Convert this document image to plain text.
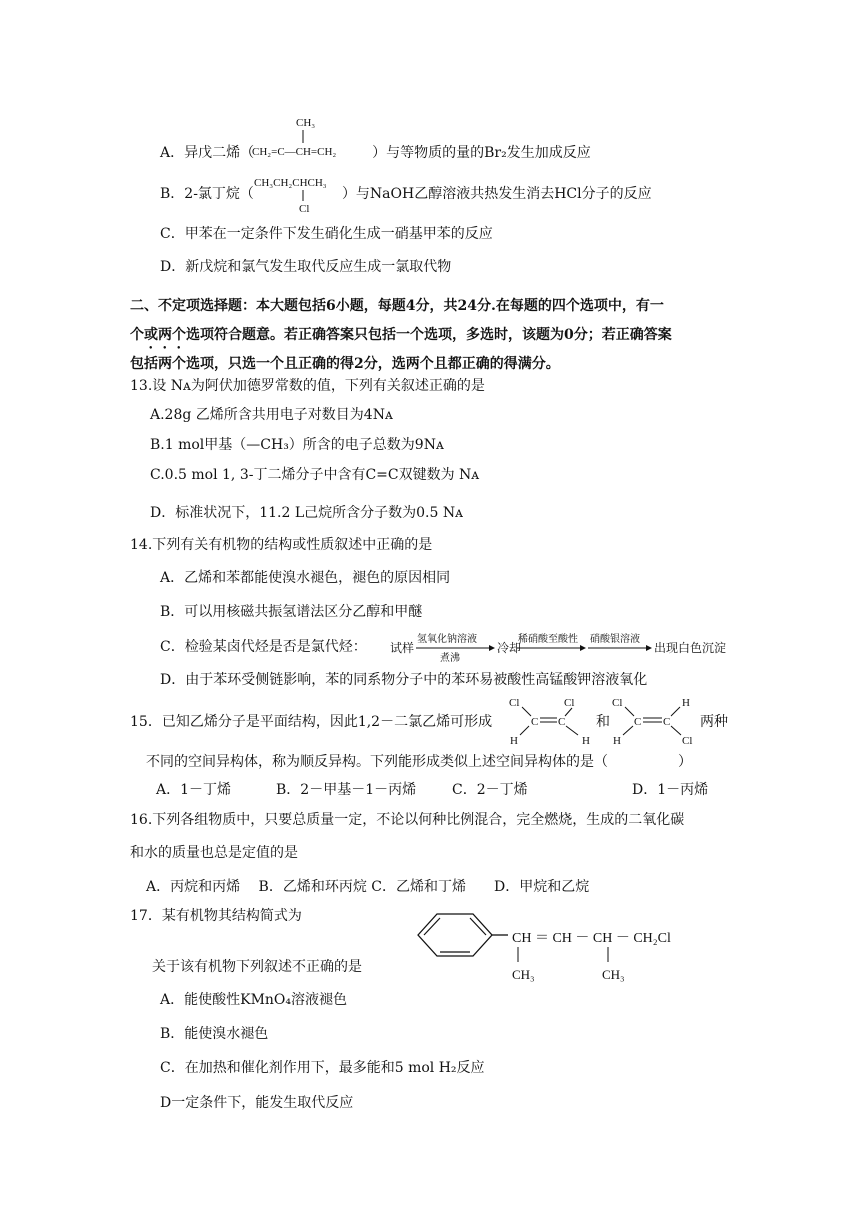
A．异戊二烯（	）与等物质的量的Br₂发生加成反应
CH₃
CH₂=C—CH=CH₂
B．2-氯丁烷（	）与NaOH乙醇溶液共热发生消去HCl分子的反应
CH₃CH₂CHCH₃
Cl
C．甲苯在一定条件下发生硝化生成一硝基甲苯的反应
D．新戊烷和氯气发生取代反应生成一氯取代物
二、不定项选择题：本大题包括6小题，每题4分，共24分.在每题的四个选项中，有一
个或两个选项符合题意。若正确答案只包括一个选项，多选时，该题为0分；若正确答案
包括两个选项，只选一个且正确的得2分，选两个且都正确的得满分。
13.设 Nᴀ为阿伏加德罗常数的值，下列有关叙述正确的是
A.28g 乙烯所含共用电子对数目为4Nᴀ
B.1 mol甲基（—CH₃）所含的电子总数为9Nᴀ
C.0.5 mol 1, 3-丁二烯分子中含有C=C双键数为 Nᴀ
D．标准状况下，11.2 L己烷所含分子数为0.5 Nᴀ
14.下列有关有机物的结构或性质叙述中正确的是
A．乙烯和苯都能使溴水褪色，褪色的原因相同
B．可以用核磁共振氢谱法区分乙醇和甲醚
C．检验某卤代烃是否是氯代烃： 试样
氢氧化钠溶液
煮沸
冷却
稀硝酸至酸性 硝酸银溶液
出现白色沉淀
D．由于苯环受侧链影响，苯的同系物分子中的苯环易被酸性高锰酸钾溶液氧化
15．已知乙烯分子是平面结构，因此1,2－二氯乙烯可形成
Cl	Cl
C C
H	H
和
Cl	H
C C
H	Cl
两种
不同的空间异构体，称为顺反异构。下列能形成类似上述空间异构体的是（　　　　　）
A．1－丁烯	B．2－甲基－1－丙烯	C．2－丁烯	D．1－丙烯
16.下列各组物质中，只要总质量一定，不论以何种比例混合，完全燃烧，生成的二氧化碳
和水的质量也总是定值的是
A．丙烷和丙烯　 B．乙烯和环丙烷 C．乙烯和丁烯　　D．甲烷和乙烷
17．某有机物其结构简式为
CH ＝ CH － CH － CH₂Cl
CH₃	CH₃
关于该有机物下列叙述不正确的是
A．能使酸性KMnO₄溶液褪色
B．能使溴水褪色
C．在加热和催化剂作用下，最多能和5 mol H₂反应
D一定条件下，能发生取代反应
